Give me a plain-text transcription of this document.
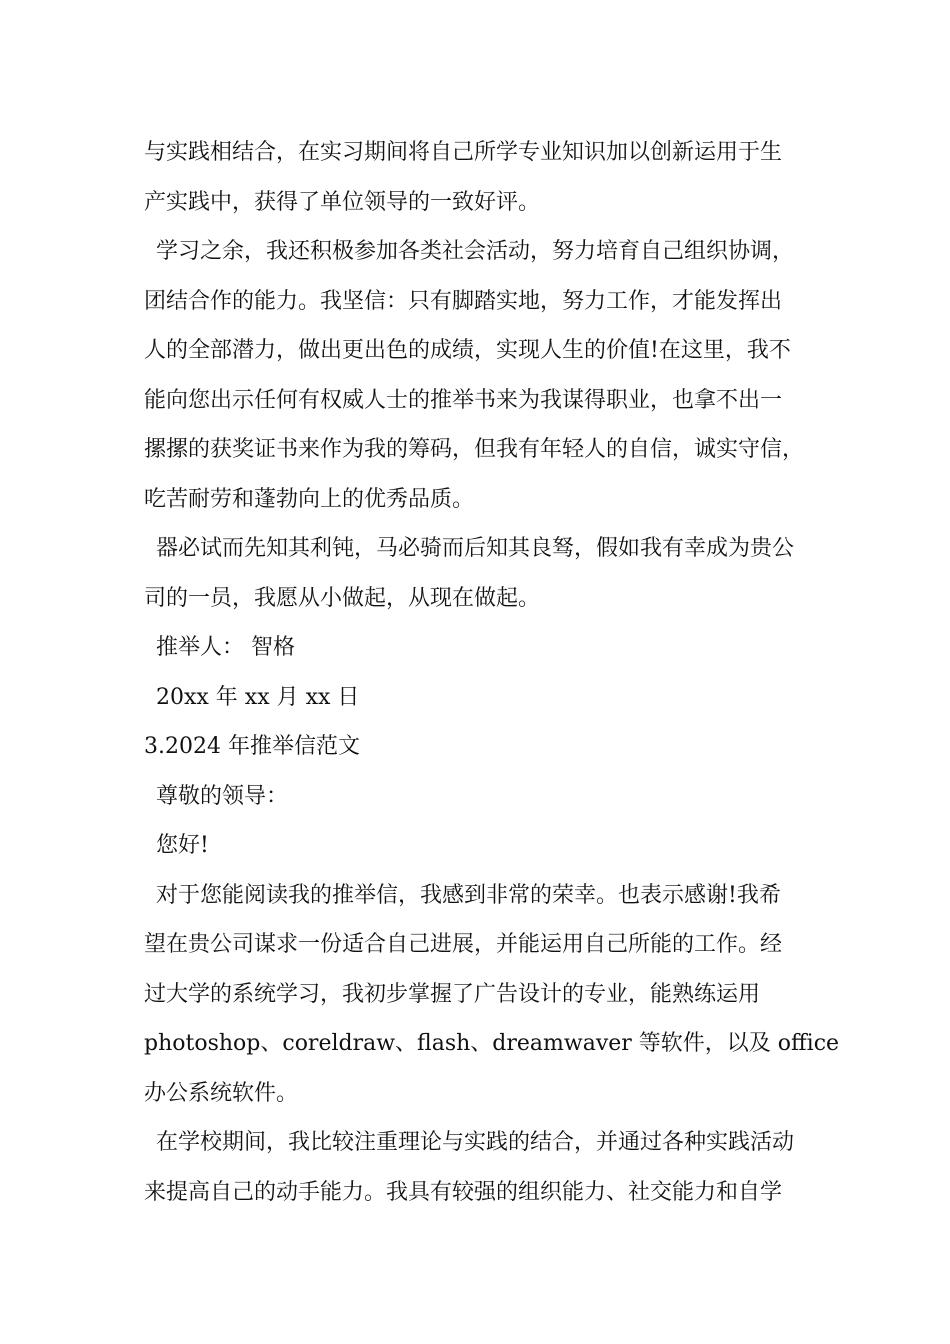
与实践相结合，在实习期间将自己所学专业知识加以创新运用于生
产实践中，获得了单位领导的一致好评。
学习之余，我还积极参加各类社会活动，努力培育自己组织协调，
团结合作的能力。我坚信：只有脚踏实地，努力工作，才能发挥出
人的全部潜力，做出更出色的成绩，实现人生的价值!在这里，我不
能向您出示任何有权威人士的推举书来为我谋得职业，也拿不出一
摞摞的获奖证书来作为我的筹码，但我有年轻人的自信，诚实守信，
吃苦耐劳和蓬勃向上的优秀品质。
器必试而先知其利钝，马必骑而后知其良驽，假如我有幸成为贵公
司的一员，我愿从小做起，从现在做起。
推举人： 智格
20xx 年 xx 月 xx 日
3.2024 年推举信范文
尊敬的领导：
您好!
对于您能阅读我的推举信，我感到非常的荣幸。也表示感谢!我希
望在贵公司谋求一份适合自己进展，并能运用自己所能的工作。经
过大学的系统学习，我初步掌握了广告设计的专业，能熟练运用
photoshop、coreldraw、flash、dreamwaver 等软件，以及 office
办公系统软件。
在学校期间，我比较注重理论与实践的结合，并通过各种实践活动
来提高自己的动手能力。我具有较强的组织能力、社交能力和自学
